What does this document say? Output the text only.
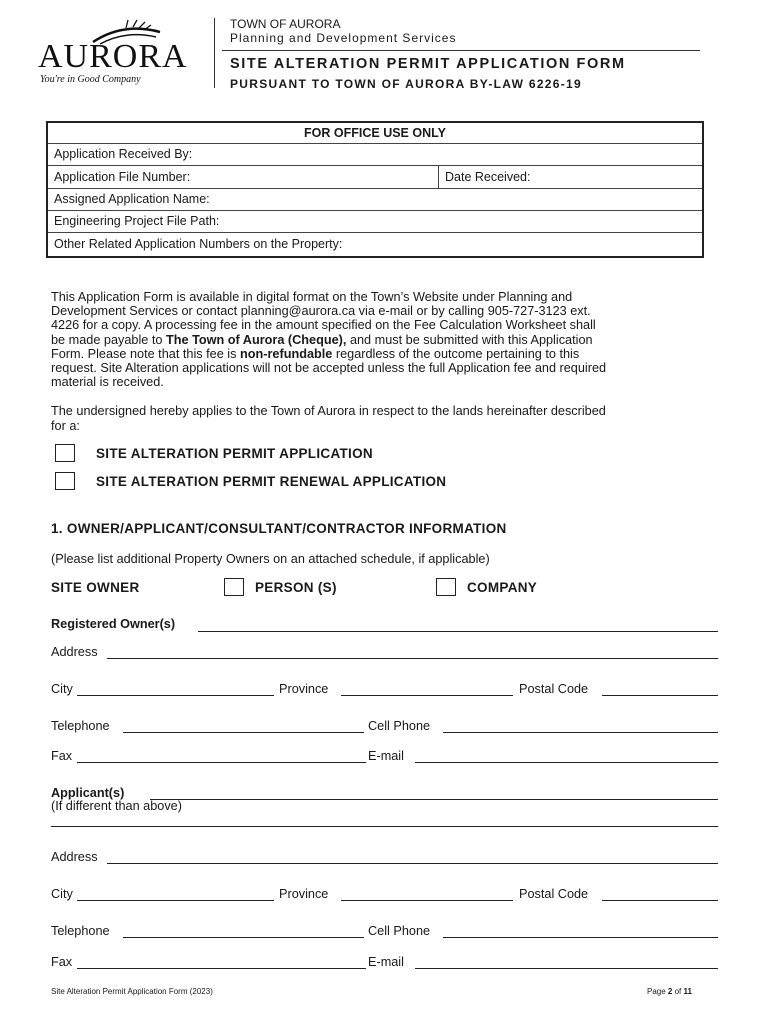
AURORA
You're in Good Company
TOWN OF AURORA
Planning and Development Services
SITE ALTERATION PERMIT APPLICATION FORM
PURSUANT TO TOWN OF AURORA BY-LAW 6226-19
FOR OFFICE USE ONLY
Application Received By:
Application File Number:	Date Received:
Assigned Application Name:
Engineering Project File Path:
Other Related Application Numbers on the Property:
This Application Form is available in digital format on the Town’s Website under Planning and
Development Services or contact planning@aurora.ca via e-mail or by calling 905-727-3123 ext.
4226 for a copy. A processing fee in the amount specified on the Fee Calculation Worksheet shall
be made payable to The Town of Aurora (Cheque), and must be submitted with this Application
Form. Please note that this fee is non-refundable regardless of the outcome pertaining to this
request. Site Alteration applications will not be accepted unless the full Application fee and required
material is received.
The undersigned hereby applies to the Town of Aurora in respect to the lands hereinafter described
for a:
SITE ALTERATION PERMIT APPLICATION
SITE ALTERATION PERMIT RENEWAL APPLICATION
1. OWNER/APPLICANT/CONSULTANT/CONTRACTOR INFORMATION
(Please list additional Property Owners on an attached schedule, if applicable)
SITE OWNER	PERSON (S)	COMPANY
Registered Owner(s)
Address
City	Province	Postal Code
Telephone	Cell Phone
Fax	E-mail
Applicant(s)
(If different than above)
Address
City	Province	Postal Code
Telephone	Cell Phone
Fax	E-mail
Site Alteration Permit Application Form (2023)	Page 2 of 11
